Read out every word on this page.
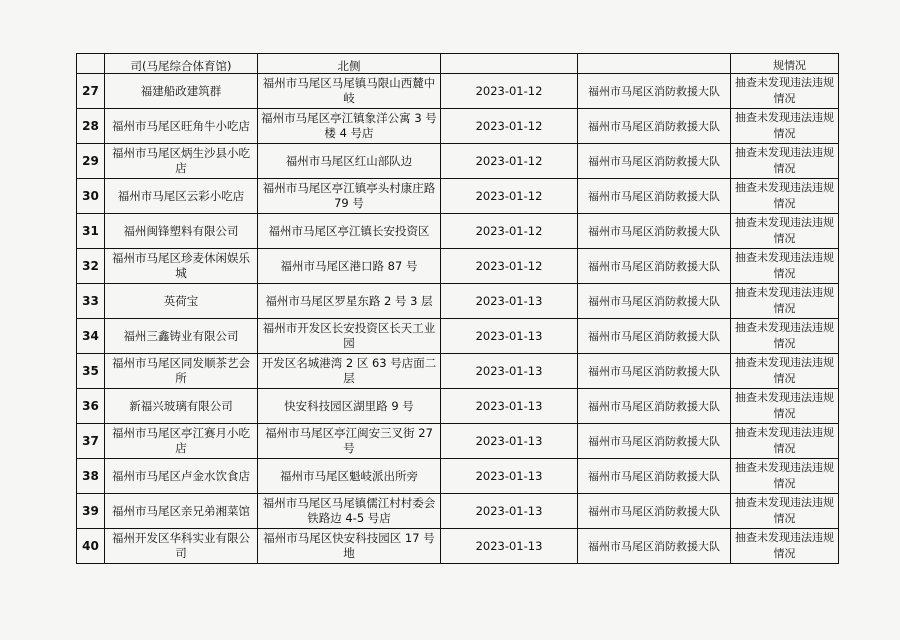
	司(马尾综合体育馆)	北侧			规情况
27	福建船政建筑群	福州市马尾区马尾镇马限山西麓中岐	2023-01-12	福州市马尾区消防救援大队	抽查未发现违法违规情况
28	福州市马尾区旺角牛小吃店	福州市马尾区亭江镇象洋公寓 3 号楼 4 号店	2023-01-12	福州市马尾区消防救援大队	抽查未发现违法违规情况
29	福州市马尾区炳生沙县小吃店	福州市马尾区红山部队边	2023-01-12	福州市马尾区消防救援大队	抽查未发现违法违规情况
30	福州市马尾区云彩小吃店	福州市马尾区亭江镇亭头村康庄路 79 号	2023-01-12	福州市马尾区消防救援大队	抽查未发现违法违规情况
31	福州闽锋塑料有限公司	福州市马尾区亭江镇长安投资区	2023-01-12	福州市马尾区消防救援大队	抽查未发现违法违规情况
32	福州市马尾区珍麦休闲娱乐城	福州市马尾区港口路 87 号	2023-01-12	福州市马尾区消防救援大队	抽查未发现违法违规情况
33	英荷宝	福州市马尾区罗星东路 2 号 3 层	2023-01-13	福州市马尾区消防救援大队	抽查未发现违法违规情况
34	福州三鑫铸业有限公司	福州市开发区长安投资区长天工业园	2023-01-13	福州市马尾区消防救援大队	抽查未发现违法违规情况
35	福州市马尾区同发顺茶艺会所	开发区名城港湾 2 区 63 号店面二层	2023-01-13	福州市马尾区消防救援大队	抽查未发现违法违规情况
36	新福兴玻璃有限公司	快安科技园区湖里路 9 号	2023-01-13	福州市马尾区消防救援大队	抽查未发现违法违规情况
37	福州市马尾区亭江赛月小吃店	福州市马尾区亭江闽安三叉街 27 号	2023-01-13	福州市马尾区消防救援大队	抽查未发现违法违规情况
38	福州市马尾区卢金水饮食店	福州市马尾区魁岐派出所旁	2023-01-13	福州市马尾区消防救援大队	抽查未发现违法违规情况
39	福州市马尾区亲兄弟湘菜馆	福州市马尾区马尾镇儒江村村委会铁路边 4-5 号店	2023-01-13	福州市马尾区消防救援大队	抽查未发现违法违规情况
40	福州开发区华科实业有限公司	福州市马尾区快安科技园区 17 号地	2023-01-13	福州市马尾区消防救援大队	抽查未发现违法违规情况
